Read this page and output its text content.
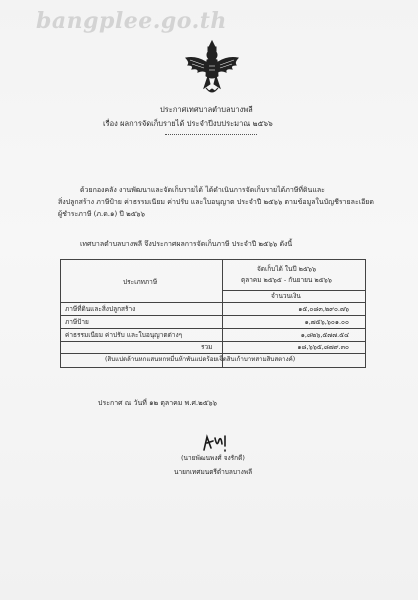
bangplee.go.th
ประกาศเทศบาลตำบลบางพลี
เรื่อง ผลการจัดเก็บรายได้ ประจำปีงบประมาณ ๒๕๖๖
ด้วยกองคลัง งานพัฒนาและจัดเก็บรายได้ ได้ดำเนินการจัดเก็บรายได้ภาษีที่ดินและ
สิ่งปลูกสร้าง ภาษีป้าย ค่าธรรมเนียม ค่าปรับ และใบอนุญาต ประจำปี ๒๕๖๖ ตามข้อมูลในบัญชีรายละเอียด
ผู้ชำระภาษี (ภ.ด.๑) ปี ๒๕๖๖
เทศบาลตำบลบางพลี จึงประกาศผลการจัดเก็บภาษี ประจำปี ๒๕๖๖ ดังนี้
ประเภทภาษี
จัดเก็บได้ ในปี ๒๕๖๖
ตุลาคม ๒๕๖๕ - กันยายน ๒๕๖๖
จำนวนเงิน
ภาษีที่ดินและสิ่งปลูกสร้าง	๑๕,๐๘๓,๒๙๐.๗๖
ภาษีป้าย	๑,๗๕๖,๖๐๑.๐๐
ค่าธรรมเนียม ค่าปรับ และใบอนุญาตต่างๆ	๑,๘๒๖,๕๗๗.๕๔
รวม	๑๘,๖๖๕,๘๗๙.๓๐
(สิบแปดล้านหกแสนหกหมื่นห้าพันแปดร้อยเจ็ดสิบเก้าบาทสามสิบสตางค์)
ประกาศ ณ วันที่ ๑๒ ตุลาคม พ.ศ.๒๕๖๖
(นายพัฒนพงศ์ จงรักดี)
นายกเทศมนตรีตำบลบางพลี
